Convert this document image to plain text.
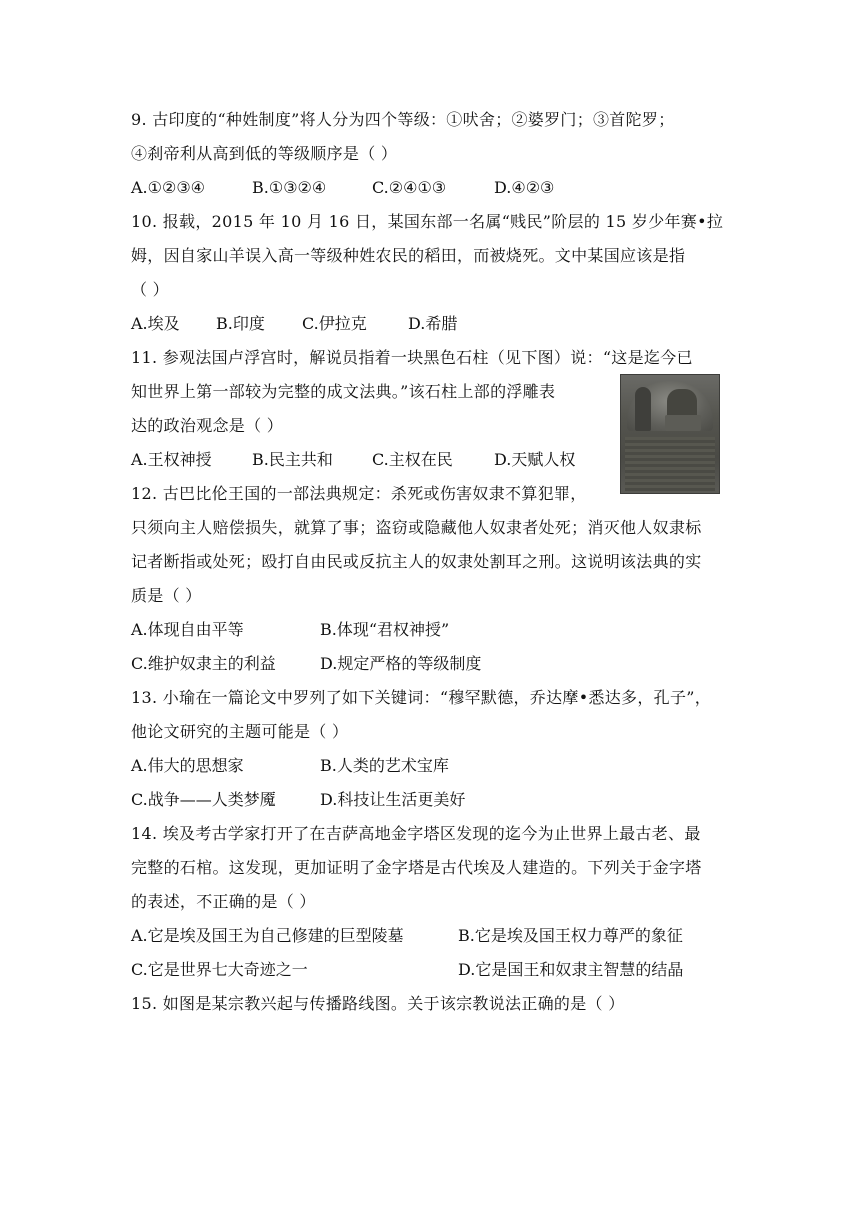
9. 古印度的“种姓制度”将人分为四个等级：①吠舍；②婆罗门；③首陀罗；
④刹帝利从高到低的等级顺序是（ ）
A.①②③④	B.①③②④	C.②④①③	D.④②③
10. 报载，2015 年 10 月 16 日，某国东部一名属“贱民”阶层的 15 岁少年赛•拉
姆，因自家山羊误入高一等级种姓农民的稻田，而被烧死。文中某国应该是指
（ ）
A.埃及 B.印度 C.伊拉克	D.希腊
11. 参观法国卢浮宫时，解说员指着一块黑色石柱（见下图）说：“这是迄今已
知世界上第一部较为完整的成文法典。”该石柱上部的浮雕表
达的政治观念是（ ）
A.王权神授	B.民主共和 C.主权在民	D.天赋人权
12. 古巴比伦王国的一部法典规定：杀死或伤害奴隶不算犯罪，
只须向主人赔偿损失，就算了事；盗窃或隐藏他人奴隶者处死；消灭他人奴隶标
记者断指或处死；殴打自由民或反抗主人的奴隶处割耳之刑。这说明该法典的实
质是（ ）
A.体现自由平等	B.体现“君权神授”
C.维护奴隶主的利益	D.规定严格的等级制度
13. 小瑜在一篇论文中罗列了如下关键词：“穆罕默德，乔达摩•悉达多，孔子”，
他论文研究的主题可能是（ ）
A.伟大的思想家	B.人类的艺术宝库
C.战争——人类梦魇	D.科技让生活更美好
14. 埃及考古学家打开了在吉萨高地金字塔区发现的迄今为止世界上最古老、最
完整的石棺。这发现，更加证明了金字塔是古代埃及人建造的。下列关于金字塔
的表述，不正确的是（ ）
A.它是埃及国王为自己修建的巨型陵墓	B.它是埃及国王权力尊严的象征
C.它是世界七大奇迹之一	D.它是国王和奴隶主智慧的结晶
15. 如图是某宗教兴起与传播路线图。关于该宗教说法正确的是（ ）
